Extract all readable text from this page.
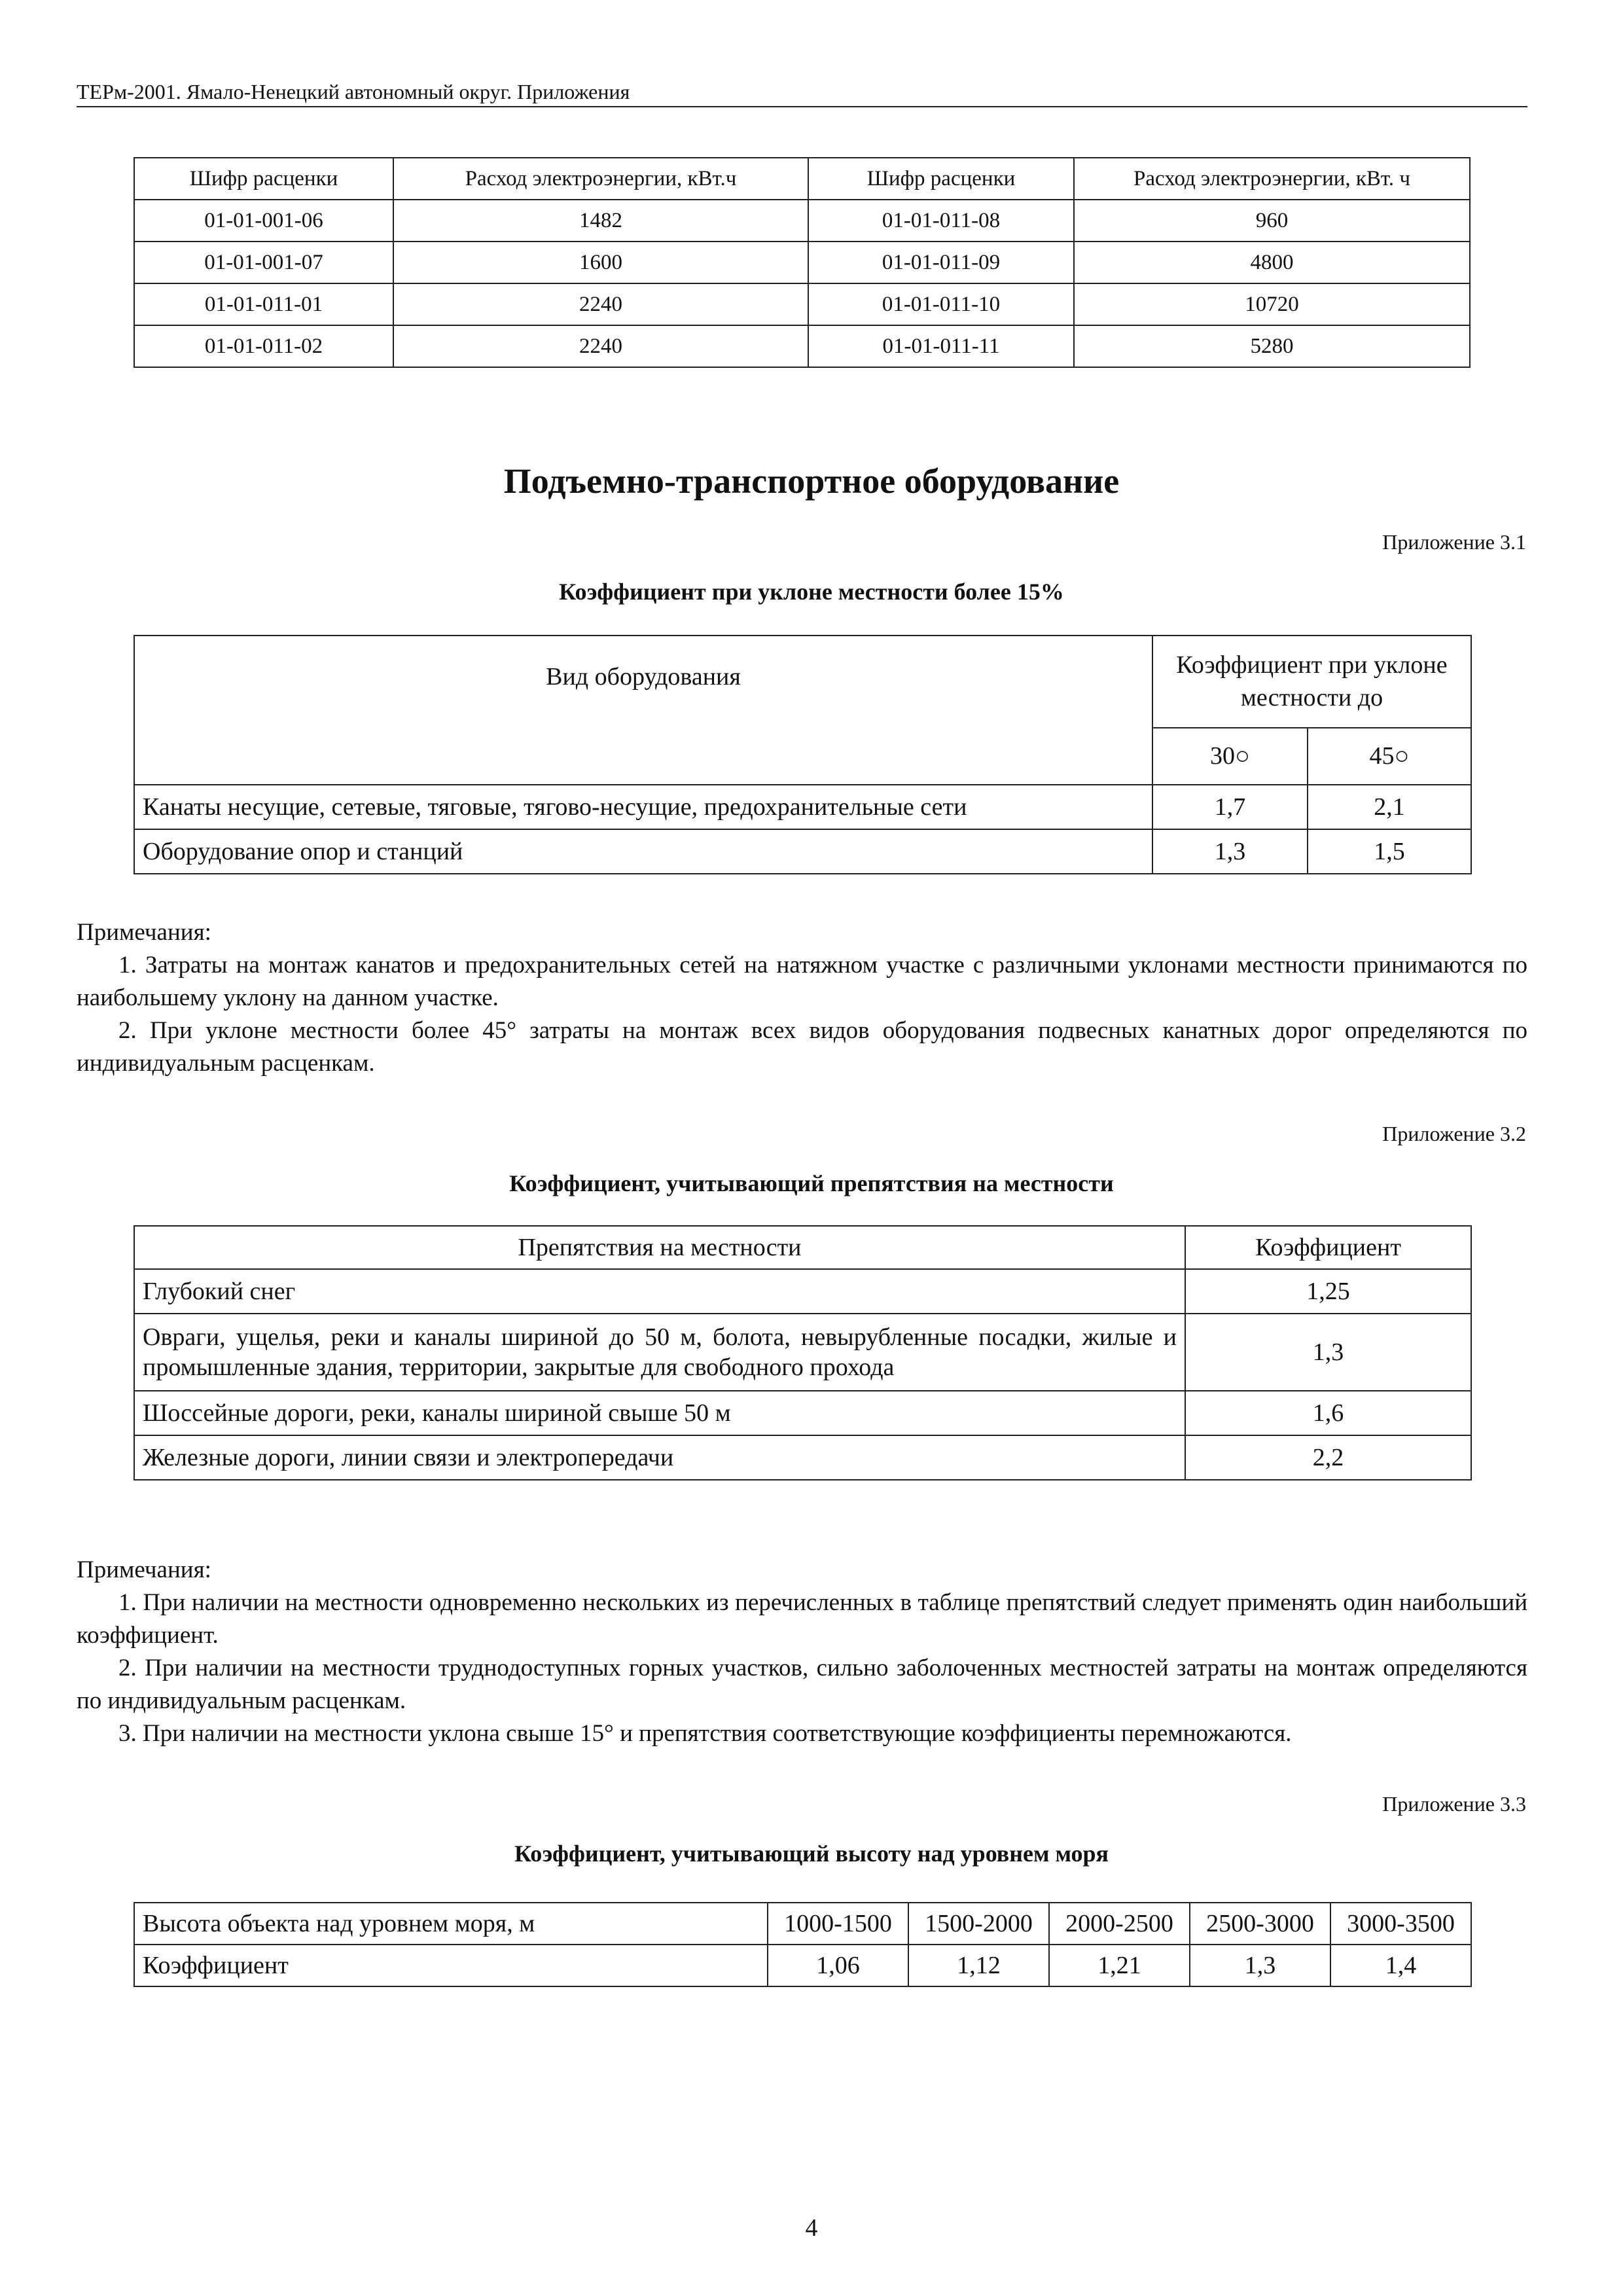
ТЕРм-2001. Ямало-Ненецкий автономный округ. Приложения
Шифр расценки	Расход электроэнергии, кВт.ч	Шифр расценки	Расход электроэнергии, кВт. ч
01-01-001-06	1482	01-01-011-08	960
01-01-001-07	1600	01-01-011-09	4800
01-01-011-01	2240	01-01-011-10	10720
01-01-011-02	2240	01-01-011-11	5280
Подъемно-транспортное оборудование
Приложение 3.1
Коэффициент при уклоне местности более 15%
Вид оборудования	Коэффициент при уклоне местности до	
	30○	45○
Канаты несущие, сетевые, тяговые, тягово-несущие, предохранительные сети	1,7	2,1
Оборудование опор и станций	1,3	1,5
Примечания:
1. Затраты на монтаж канатов и предохранительных сетей на натяжном участке с различными уклонами местности принимаются по наибольшему уклону на данном участке.
2. При уклоне местности более 45° затраты на монтаж всех видов оборудования подвесных канатных дорог определяются по индивидуальным расценкам.
Приложение 3.2
Коэффициент, учитывающий препятствия на местности
Препятствия на местности	Коэффициент
Глубокий снег	1,25
Овраги, ущелья, реки и каналы шириной до 50 м, болота, невырубленные посадки, жилые и промышленные здания, территории, закрытые для свободного прохода	1,3
Шоссейные дороги, реки, каналы шириной свыше 50 м	1,6
Железные дороги, линии связи и электропередачи	2,2
Примечания:
1. При наличии на местности одновременно нескольких из перечисленных в таблице препятствий следует применять один наибольший коэффициент.
2. При наличии на местности труднодоступных горных участков, сильно заболоченных местностей затраты на монтаж определяются по индивидуальным расценкам.
3. При наличии на местности уклона свыше 15° и препятствия соответствующие коэффициенты перемножаются.
Приложение 3.3
Коэффициент, учитывающий высоту над уровнем моря
Высота объекта над уровнем моря, м	1000-1500	1500-2000	2000-2500	2500-3000	3000-3500
Коэффициент	1,06	1,12	1,21	1,3	1,4
4
